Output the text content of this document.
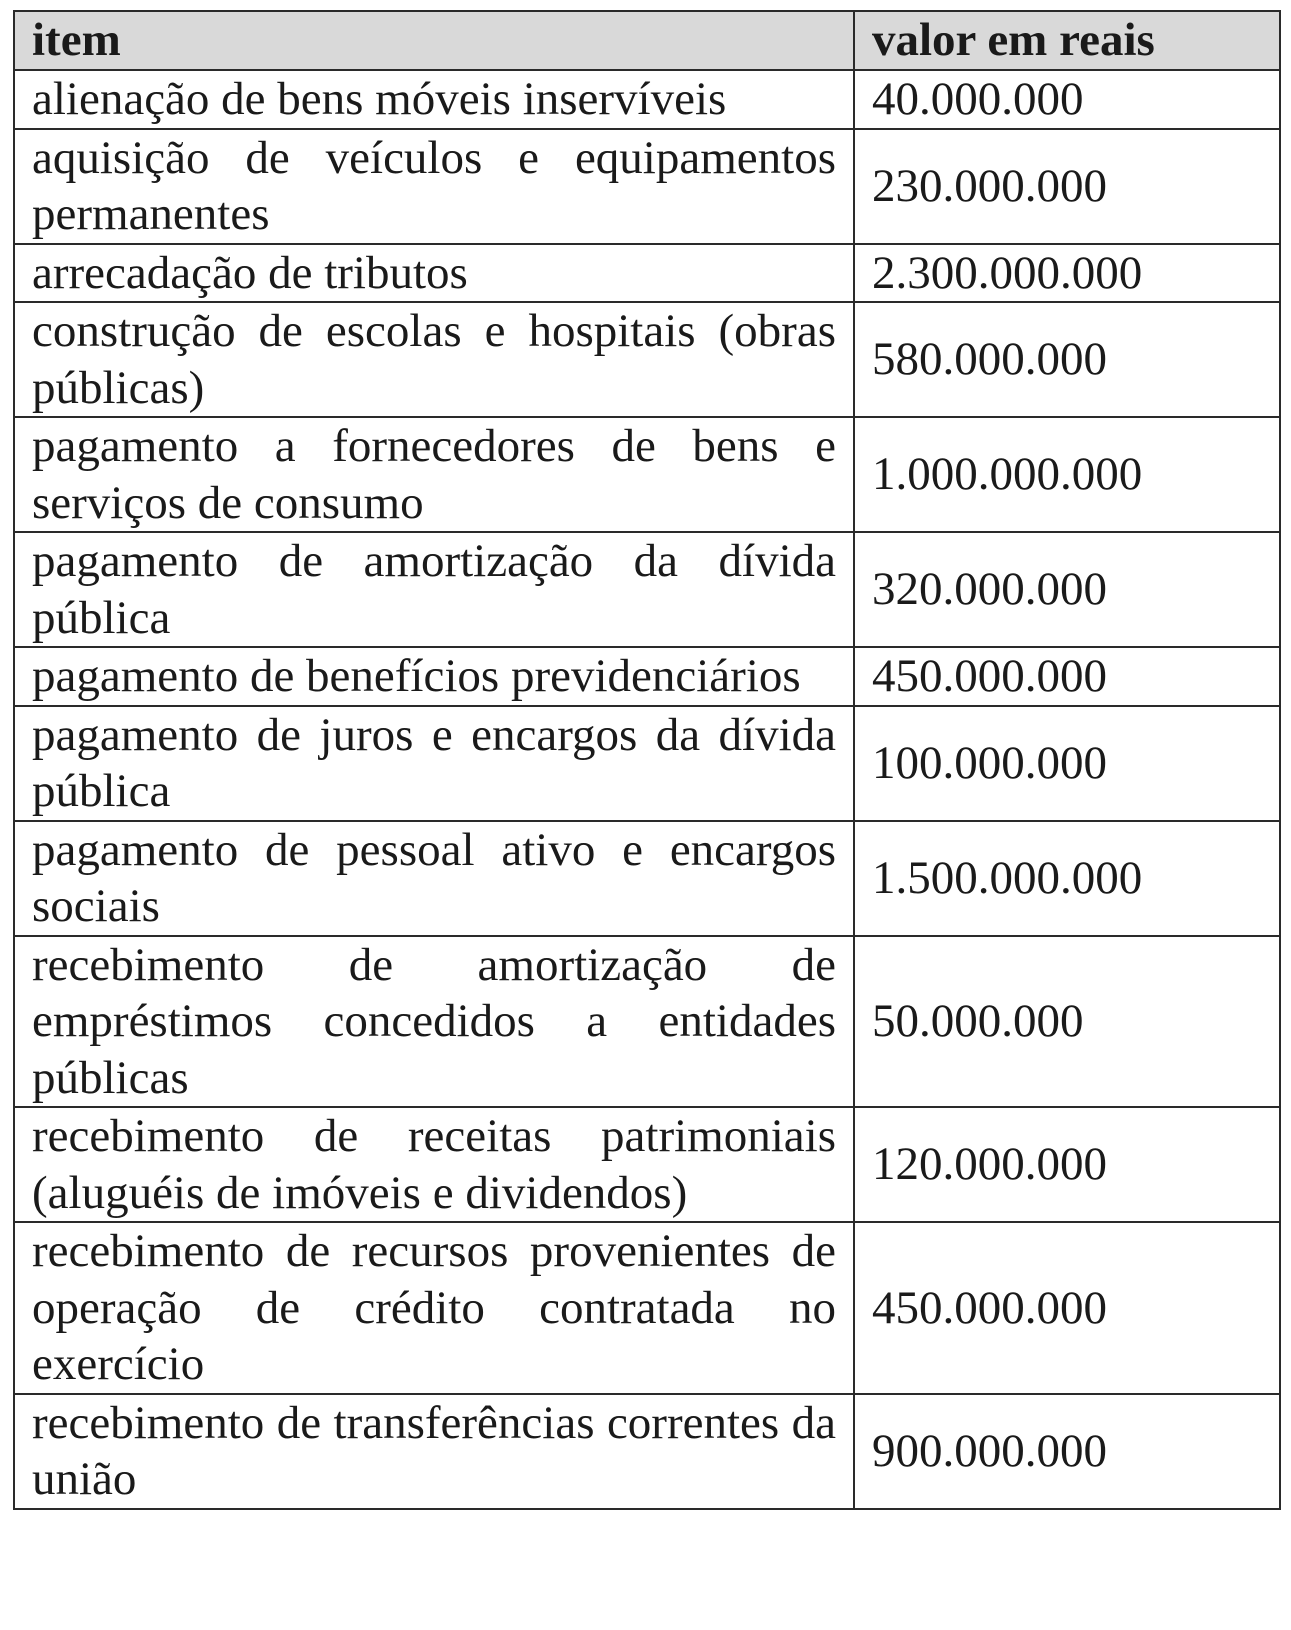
item	valor em reais
alienação de bens móveis inservíveis	40.000.000
aquisição de veículos e equipamentos permanentes	230.000.000
arrecadação de tributos	2.300.000.000
construção de escolas e hospitais (obras públicas)	580.000.000
pagamento a fornecedores de bens e serviços de consumo	1.000.000.000
pagamento de amortização da dívida pública	320.000.000
pagamento de benefícios previdenciários	450.000.000
pagamento de juros e encargos da dívida pública	100.000.000
pagamento de pessoal ativo e encargos sociais	1.500.000.000
recebimento de amortização de empréstimos concedidos a entidades públicas	50.000.000
recebimento de receitas patrimoniais (aluguéis de imóveis e dividendos)	120.000.000
recebimento de recursos provenientes de operação de crédito contratada no exercício	450.000.000
recebimento de transferências correntes da união	900.000.000
